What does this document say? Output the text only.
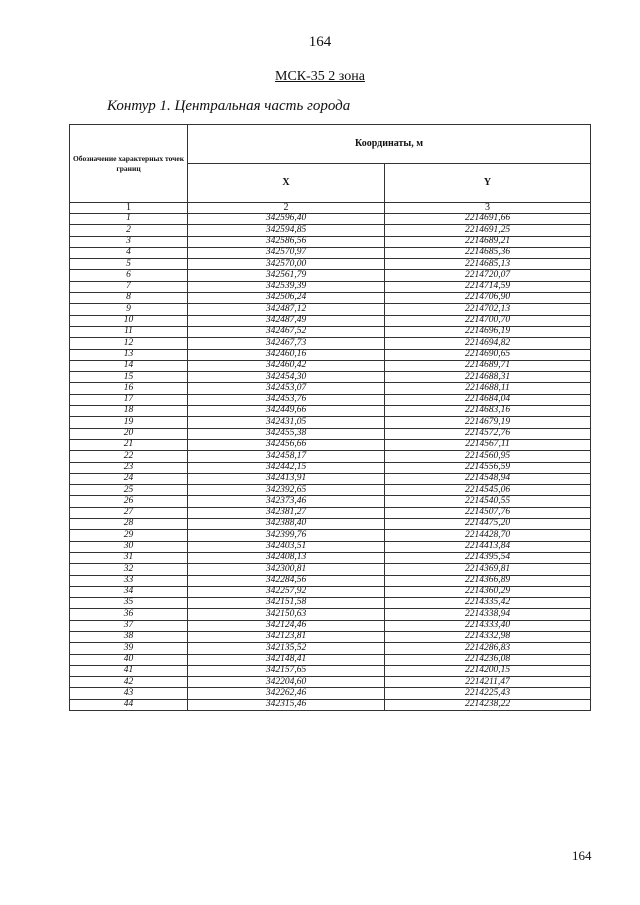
164
МСК-35 2 зона
Контур 1. Центральная часть города
Обозначение характерных точек границ	Координаты, м	
	X	Y
1	2	3
1	342596,40	2214691,66
2	342594,85	2214691,25
3	342586,56	2214689,21
4	342570,97	2214685,36
5	342570,00	2214685,13
6	342561,79	2214720,07
7	342539,39	2214714,59
8	342506,24	2214706,90
9	342487,12	2214702,13
10	342487,49	2214700,70
11	342467,52	2214696,19
12	342467,73	2214694,82
13	342460,16	2214690,65
14	342460,42	2214689,71
15	342454,30	2214688,31
16	342453,07	2214688,11
17	342453,76	2214684,04
18	342449,66	2214683,16
19	342431,05	2214679,19
20	342455,38	2214572,76
21	342456,66	2214567,11
22	342458,17	2214560,95
23	342442,15	2214556,59
24	342413,91	2214548,94
25	342392,65	2214545,06
26	342373,46	2214540,55
27	342381,27	2214507,76
28	342388,40	2214475,20
29	342399,76	2214428,70
30	342403,51	2214413,84
31	342408,13	2214395,54
32	342300,81	2214369,81
33	342284,56	2214366,89
34	342257,92	2214360,29
35	342151,58	2214335,42
36	342150,63	2214338,94
37	342124,46	2214333,40
38	342123,81	2214332,98
39	342135,52	2214286,83
40	342148,41	2214236,08
41	342157,65	2214200,15
42	342204,60	2214211,47
43	342262,46	2214225,43
44	342315,46	2214238,22
164
